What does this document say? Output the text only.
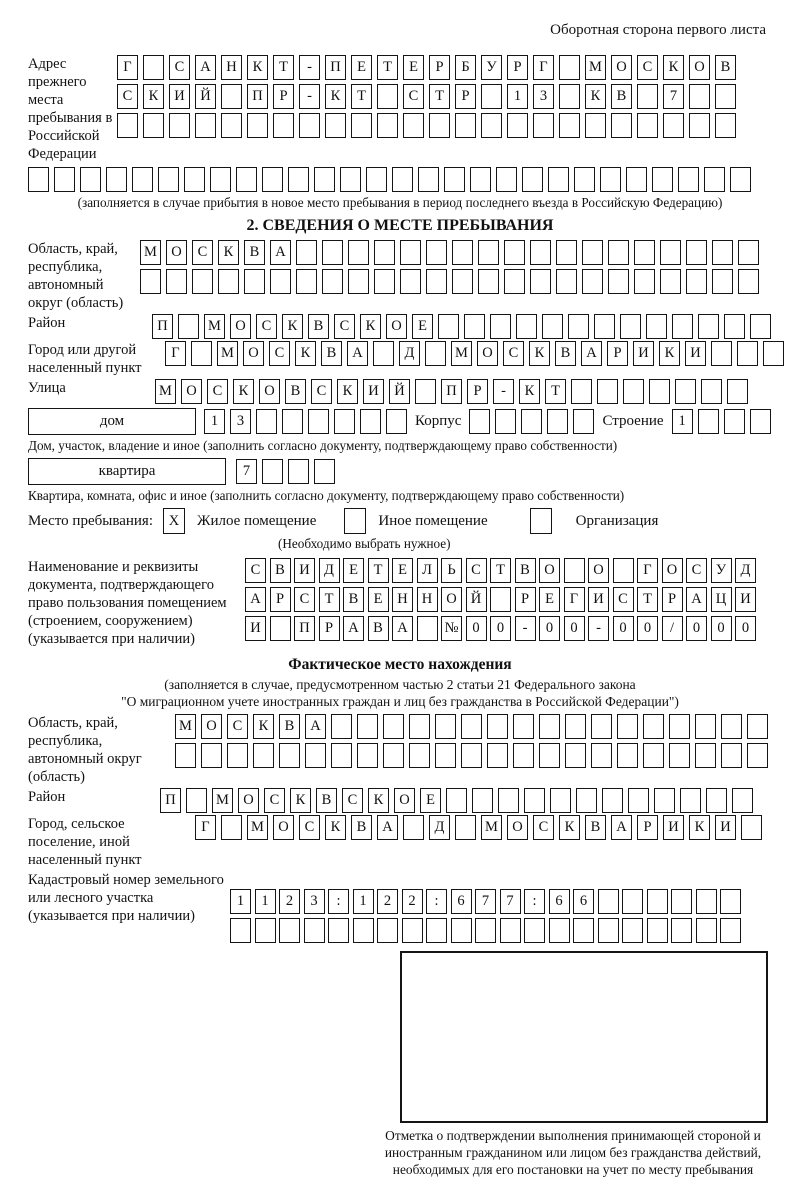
Оборотная сторона первого листа
Адрес прежнего места пребывания в Российской Федерации
Г	С	А	Н	К	Т	-	П	Е	Т	Е	Р	Б	У	Р	Г	М О	С	К	О	В
С	К	И	Й	П	Р	-	К	Т	С	Т	Р	1	3	К	В	7
(заполняется в случае прибытия в новое место пребывания в период последнего въезда в Российскую Федерацию)
2. СВЕДЕНИЯ О МЕСТЕ ПРЕБЫВАНИЯ
Область, край, республика, автономный округ (область)
М О	С	К	В	А
Район	П	М О	С	К	В	С	К	О	Е
Город или другой населенный пункт
Г	М О	С	К	В	А	Д	М О	С	К	В	А	Р	И	К	И
Улица	М О	С	К	О	В	С	К	И	Й	П	Р	-	К	Т
дом	1	3	Корпус	Строение	1
Дом, участок, владение и иное (заполнить согласно документу, подтверждающему право собственности)
квартира	7
Квартира, комната, офис и иное (заполнить согласно документу, подтверждающему право собственности)
Место пребывания:	X	Жилое помещение	Иное помещение	Организация
(Необходимо выбрать нужное)
Наименование и реквизиты документа, подтверждающего право пользования помещением (строением, сооружением) (указывается при наличии)
С	В И Д	Е	Т	Е	Л	Ь	С	Т	В О	О	Г	О С	У Д
А	Р	С	Т	В	Е	Н Н О Й	Р	Е	Г	И С	Т	Р	А Ц И
И	П	Р	А В А	№ 0	0	-	0	0	-	0	0	/	0	0	0
Фактическое место нахождения
(заполняется в случае, предусмотренном частью 2 статьи 21 Федерального закона
"О миграционном учете иностранных граждан и лиц без гражданства в Российской Федерации")
Область, край, республика, автономный округ (область)
М О	С	К	В	А
Район	П	М О	С	К	В	С	К	О	Е
Город, сельское поселение, иной населенный пункт
Г	М О	С	К	В	А	Д	М О	С	К	В	А	Р	И	К	И
Кадастровый номер земельного или лесного участка (указывается при наличии)
1	1	2	3	:	1	2	2	:	6	7	7	:	6	6
Отметка о подтверждении выполнения принимающей стороной и иностранным гражданином или лицом без гражданства действий, необходимых для его постановки на учет по месту пребывания
